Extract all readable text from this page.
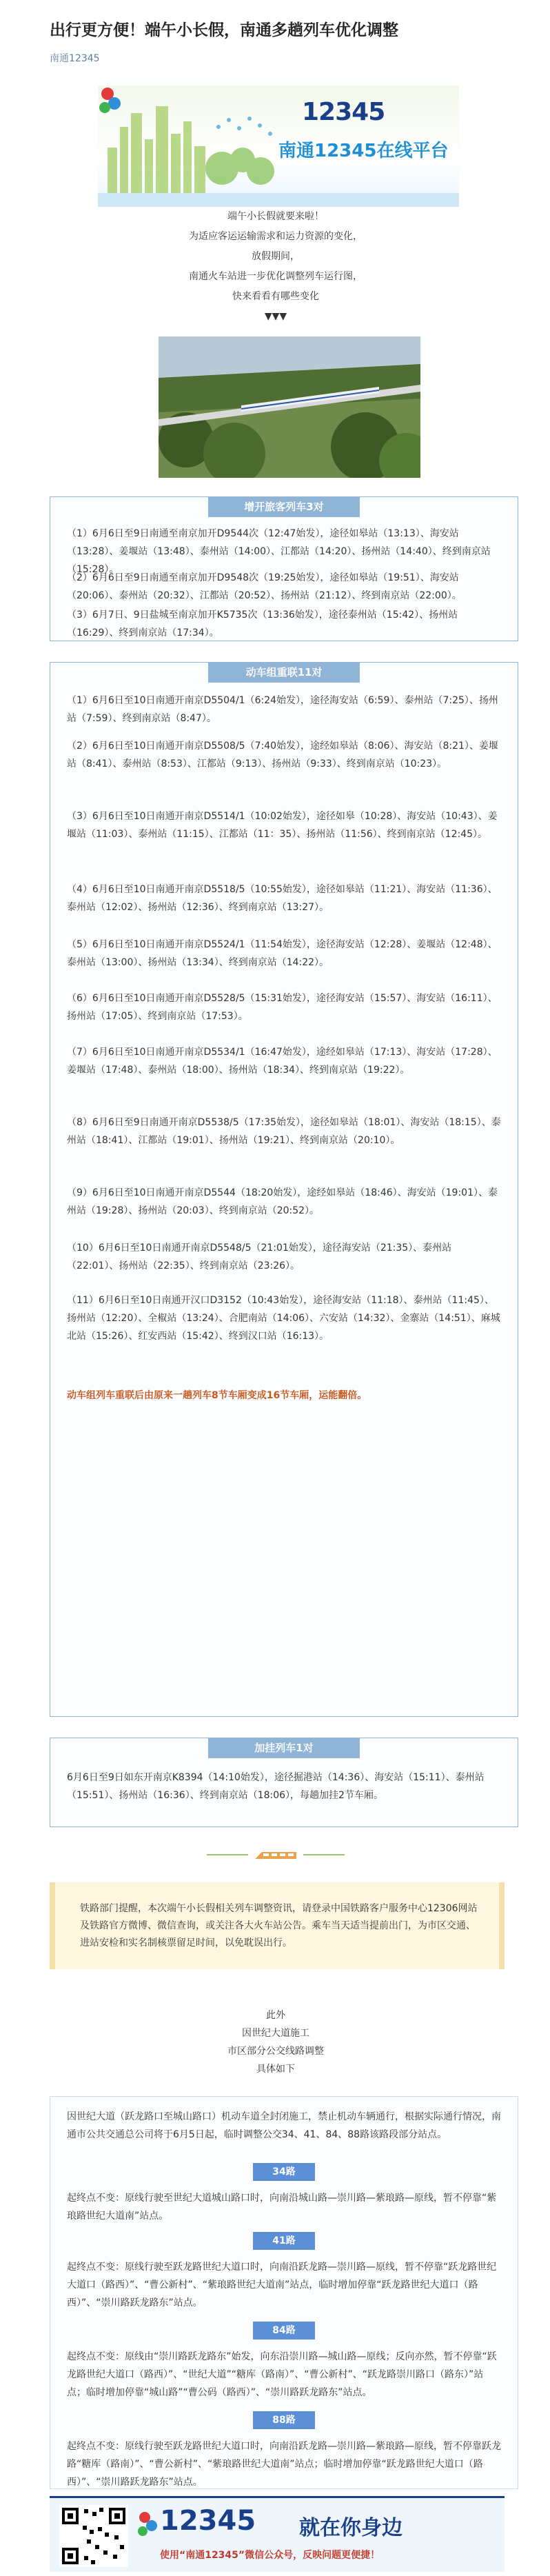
出行更方便！端午小长假，南通多趟列车优化调整
南通12345
12345
南通12345在线平台
端午小长假就要来啦！
为适应客运运输需求和运力资源的变化，
放假期间，
南通火车站进一步优化调整列车运行图，
快来看看有哪些变化
▼▼▼
增开旅客列车3对
（1）6月6日至9日南通至南京加开D9544次（12:47始发），途径如皋站（13:13）、海安站（13:28）、姜堰站（13:48）、泰州站（14:00）、江都站（14:20）、扬州站（14:40）、终到南京站（15:28）。
（2）6月6日至9日南通至南京加开D9548次（19:25始发），途径如皋站（19:51）、海安站（20:06）、泰州站（20:32）、江都站（20:52）、扬州站（21:12）、终到南京站（22:00）。
（3）6月7日、9日盐城至南京加开K5735次（13:36始发），途径泰州站（15:42）、扬州站（16:29）、终到南京站（17:34）。
动车组重联11对
（1）6月6日至10日南通开南京D5504/1（6:24始发），途径海安站（6:59）、泰州站（7:25）、扬州站（7:59）、终到南京站（8:47）。
（2）6月6日至10日南通开南京D5508/5（7:40始发），途经如皋站（8:06）、海安站（8:21）、姜堰站（8:41）、泰州站（8:53）、江都站（9:13）、扬州站（9:33）、终到南京站（10:23）。
（3）6月6日至10日南通开南京D5514/1（10:02始发），途径如皋（10:28）、海安站（10:43）、姜堰站（11:03）、泰州站（11:15）、江都站（11：35）、扬州站（11:56）、终到南京站（12:45）。
（4）6月6日至10日南通开南京D5518/5（10:55始发），途径如皋站（11:21）、海安站（11:36）、泰州站（12:02）、扬州站（12:36）、终到南京站（13:27）。
（5）6月6日至10日南通开南京D5524/1（11:54始发），途径海安站（12:28）、姜堰站（12:48）、泰州站（13:00）、扬州站（13:34）、终到南京站（14:22）。
（6）6月6日至10日南通开南京D5528/5（15:31始发），途径海安站（15:57）、海安站（16:11）、扬州站（17:05）、终到南京站（17:53）。
（7）6月6日至10日南通开南京D5534/1（16:47始发），途经如皋站（17:13）、海安站（17:28）、姜堰站（17:48）、泰州站（18:00）、扬州站（18:34）、终到南京站（19:22）。
（8）6月6日至9日南通开南京D5538/5（17:35始发），途径如皋站（18:01）、海安站（18:15）、泰州站（18:41）、江都站（19:01）、扬州站（19:21）、终到南京站（20:10）。
（9）6月6日至10日南通开南京D5544（18:20始发），途经如皋站（18:46）、海安站（19:01）、泰州站（19:28）、扬州站（20:03）、终到南京站（20:52）。
（10）6月6日至10日南通开南京D5548/5（21:01始发），途径海安站（21:35）、泰州站（22:01）、扬州站（22:35）、终到南京站（23:26）。
（11）6月6日至10日南通开汉口D3152（10:43始发），途径海安站（11:18）、泰州站（11:45）、扬州站（12:20）、全椒站（13:24）、合肥南站（14:06）、六安站（14:32）、金寨站（14:51）、麻城北站（15:26）、红安西站（15:42）、终到汉口站（16:13）。
动车组列车重联后由原来一趟列车8节车厢变成16节车厢，运能翻倍。
加挂列车1对
6月6日至9日如东开南京K8394（14:10始发），途径掘港站（14:36）、海安站（15:11）、泰州站（15:51）、扬州站（16:36）、终到南京站（18:06），每趟加挂2节车厢。

铁路部门提醒，本次端午小长假相关列车调整资讯，请登录中国铁路客户服务中心12306网站及铁路官方微博、微信查询，或关注各大火车站公告。乘车当天适当提前出门，为市区交通、进站安检和实名制核票留足时间，以免耽误出行。

此外
因世纪大道施工
市区部分公交线路调整
具体如下
因世纪大道（跃龙路口至城山路口）机动车道全封闭施工，禁止机动车辆通行，根据实际通行情况，南通市公共交通总公司将于6月5日起，临时调整公交34、41、84、88路该路段部分站点。
34路
起终点不变：原线行驶至世纪大道城山路口时，向南沿城山路—崇川路—紫琅路—原线，暂不停靠“紫琅路世纪大道南”站点。
41路
起终点不变：原线行驶至跃龙路世纪大道口时，向南沿跃龙路—崇川路—原线，暂不停靠“跃龙路世纪大道口（路西）”、“曹公新村”、“紫琅路世纪大道南”站点，临时增加停靠“跃龙路世纪大道口（路西）”、“崇川路跃龙路东”站点。
84路
起终点不变：原线由“崇川路跃龙路东”始发，向东沿崇川路—城山路—原线；反向亦然，暂不停靠“跃龙路世纪大道口（路西）”、“世纪大道”“糖库（路南）”、“曹公新村”、“跃龙路崇川路口（路东）”站点；临时增加停靠“城山路”“曹公码（路西）”、“崇川路跃龙路东”站点。
88路
起终点不变：原线行驶至跃龙路世纪大道口时，向南沿跃龙路—崇川路—紫琅路—原线，暂不停靠跃龙路“糖库（路南）”、“曹公新村”、“紫琅路世纪大道南”站点；临时增加停靠“跃龙路世纪大道口（路西）”、“崇川路跃龙路东”站点。
12345 就在你身边
使用“南通12345”微信公众号，反映问题更便捷！
